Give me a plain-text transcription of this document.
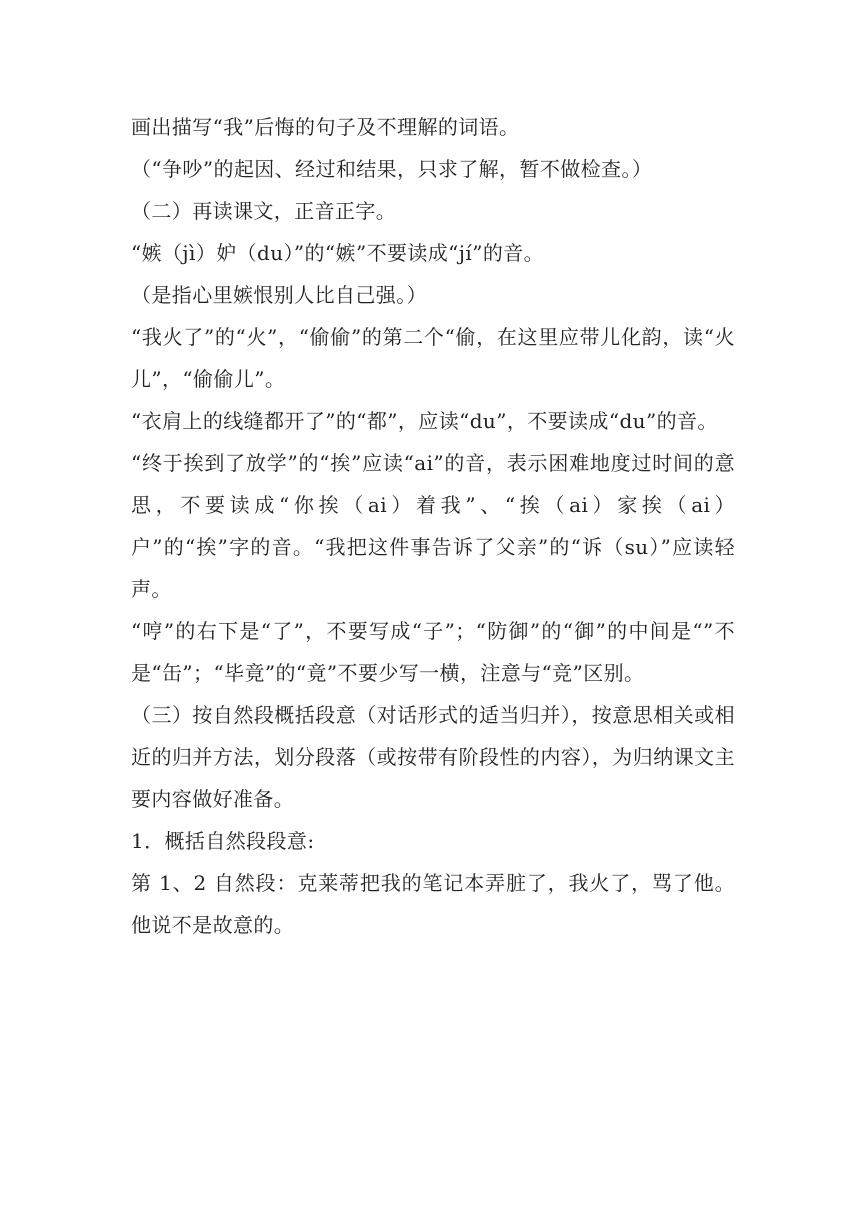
画出描写“我”后悔的句子及不理解的词语。

（“争吵”的起因、经过和结果，只求了解，暂不做检查。）

（二）再读课文，正音正字。

“嫉（jì）妒（du）”的“嫉”不要读成“jí”的音。

（是指心里嫉恨别人比自己强。）

“我火了”的“火”，“偷偷”的第二个“偷，在这里应带儿化韵，读“火儿”，“偷偷儿”。

“衣肩上的线缝都开了”的“都”，应读“du”，不要读成“du”的音。

“终于挨到了放学”的“挨”应读“ai”的音，表示困难地度过时间的意思，不要读成“你挨（ai）着我”、“挨（ai）家挨（ai）户”的“挨”字的音。“我把这件事告诉了父亲”的“诉（su）”应读轻声。

“哼”的右下是“了”，不要写成“子”；“防御”的“御”的中间是“”不是“缶”；“毕竟”的“竟”不要少写一横，注意与“竞”区别。

（三）按自然段概括段意（对话形式的适当归并），按意思相关或相近的归并方法，划分段落（或按带有阶段性的内容），为归纳课文主要内容做好准备。

1．概括自然段段意:

第 1、2 自然段：克莱蒂把我的笔记本弄脏了，我火了，骂了他。他说不是故意的。
